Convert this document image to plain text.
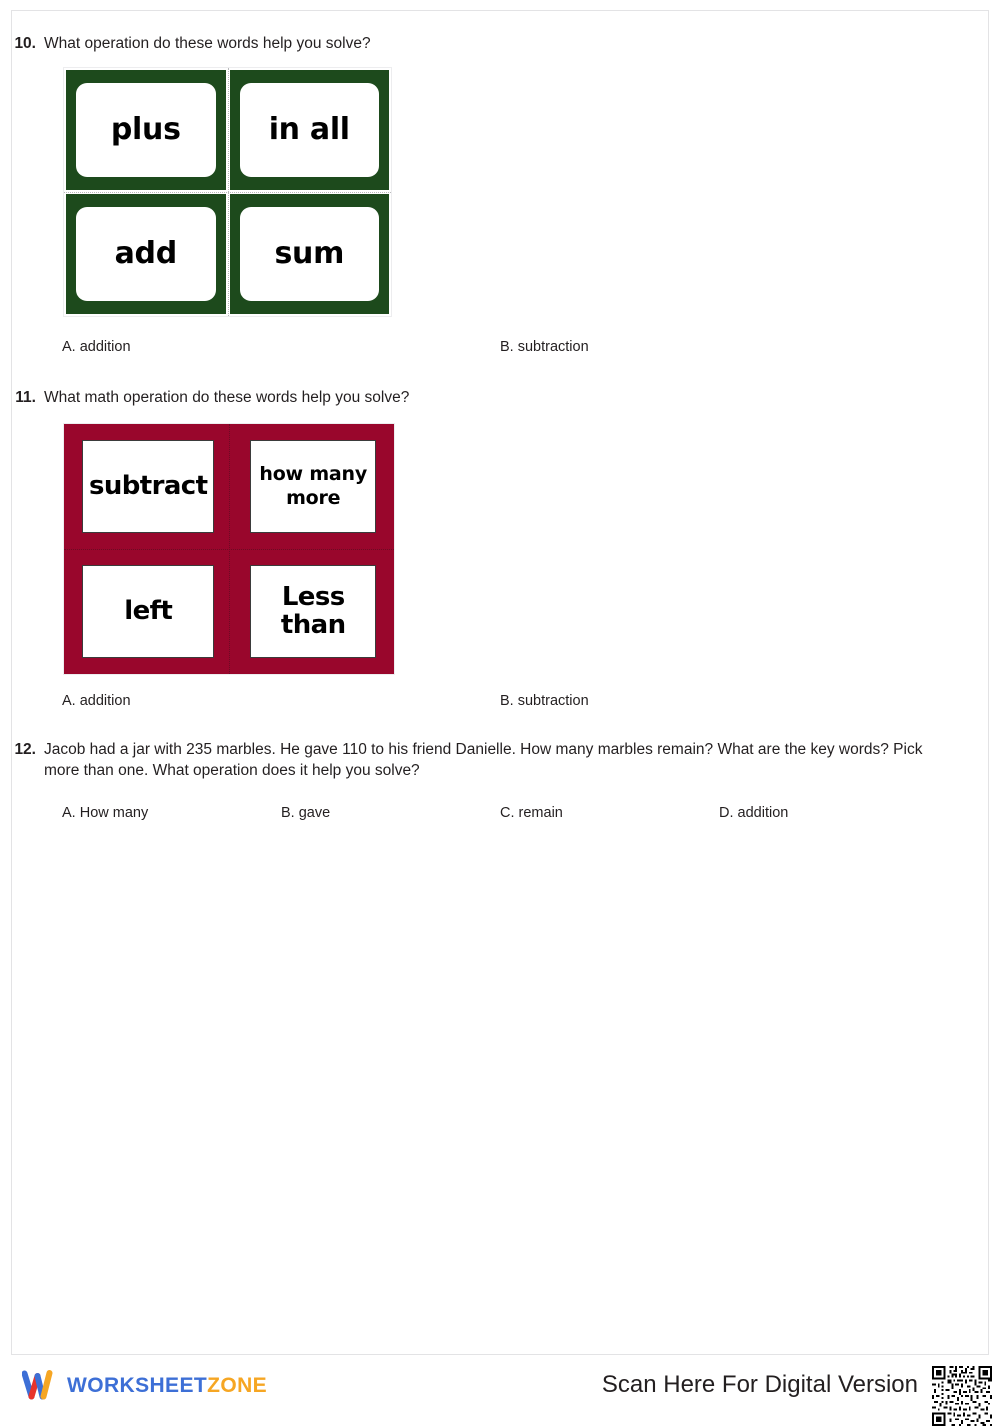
10. What operation do these words help you solve?
plus	in all
add	sum
A. addition	B. subtraction
11. What math operation do these words help you solve?
subtract	how many more
left	Less than
A. addition	B. subtraction
12. Jacob had a jar with 235 marbles. He gave 110 to his friend Danielle. How many marbles remain? What are the key words? Pick more than one. What operation does it help you solve?
A. How many	B. gave	C. remain	D. addition
WORKSHEETZONE	Scan Here For Digital Version
